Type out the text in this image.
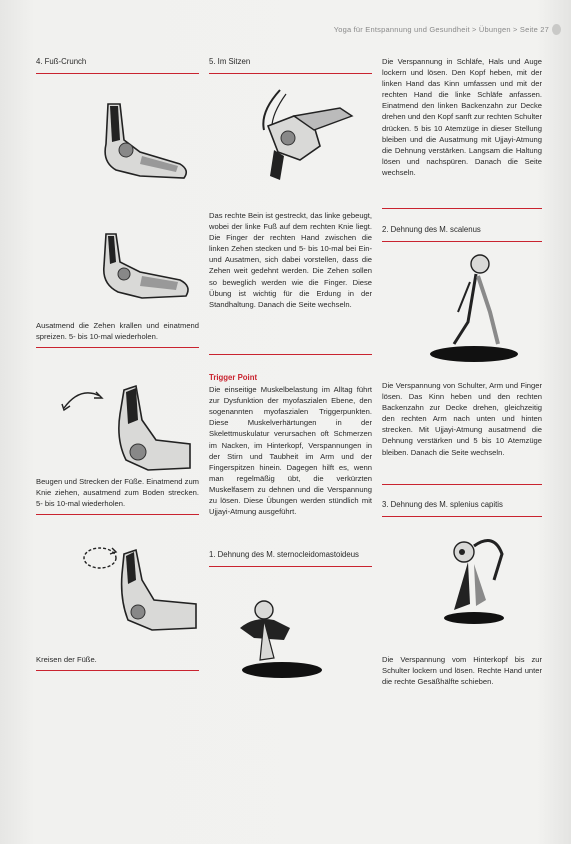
Yoga für Entspannung und Gesundheit > Übungen > Seite 27
4. Fuß-Crunch
Ausatmend die Zehen krallen und einatmend spreizen. 5- bis 10-mal wiederholen.
Beugen und Strecken der Füße. Einatmend zum Knie ziehen, ausatmend zum Boden strecken. 5- bis 10-mal wiederholen.
Kreisen der Füße.
5. Im Sitzen
Das rechte Bein ist gestreckt, das linke gebeugt, wobei der linke Fuß auf dem rechten Knie liegt. Die Finger der rechten Hand zwischen die linken Zehen stecken und 5- bis 10-mal bei Ein- und Ausatmen, sich dabei vorstellen, dass die Zehen weit gedehnt werden. Die Zehen sollen so beweglich werden wie die Finger. Diese Übung ist wichtig für die Erdung in der Standhaltung. Danach die Seite wechseln.
Trigger Point
Die einseitige Muskelbelastung im Alltag führt zur Dysfunktion der myofaszialen Ebene, den sogenannten myofaszialen Triggerpunkten. Diese Muskelverhärtungen in der Skelettmuskulatur verursachen oft Schmerzen im Nacken, im Hinterkopf, Verspannungen in der Stirn und Taubheit im Arm und der Fingerspitzen hinein. Dagegen hilft es, wenn man regelmäßig übt, die verkürzten Muskelfasern zu dehnen und die Verspannung zu lösen. Diese Übungen werden stündlich mit Ujjayi-Atmung ausgeführt.
1. Dehnung des M. sternocleidomastoideus
Die Verspannung in Schläfe, Hals und Auge lockern und lösen. Den Kopf heben, mit der linken Hand das Kinn umfassen und mit der rechten Hand die linke Schläfe anfassen. Einatmend den linken Backenzahn zur Decke drehen und den Kopf sanft zur rechten Schulter drücken. 5 bis 10 Atemzüge in dieser Stellung bleiben und die Ausatmung mit Ujjayi-Atmung die Dehnung verstärken. Langsam die Haltung lösen und nachspüren. Danach die Seite wechseln.
2. Dehnung des M. scalenus
Die Verspannung von Schulter, Arm und Finger lösen. Das Kinn heben und den rechten Backenzahn zur Decke drehen, gleichzeitig den rechten Arm nach unten und hinten strecken. Mit Ujjayi-Atmung ausatmend die Dehnung verstärken und 5 bis 10 Atemzüge bleiben. Danach die Seite wechseln.
3. Dehnung des M. splenius capitis
Die Verspannung vom Hinterkopf bis zur Schulter lockern und lösen. Rechte Hand unter die rechte Gesäßhälfte schieben.
